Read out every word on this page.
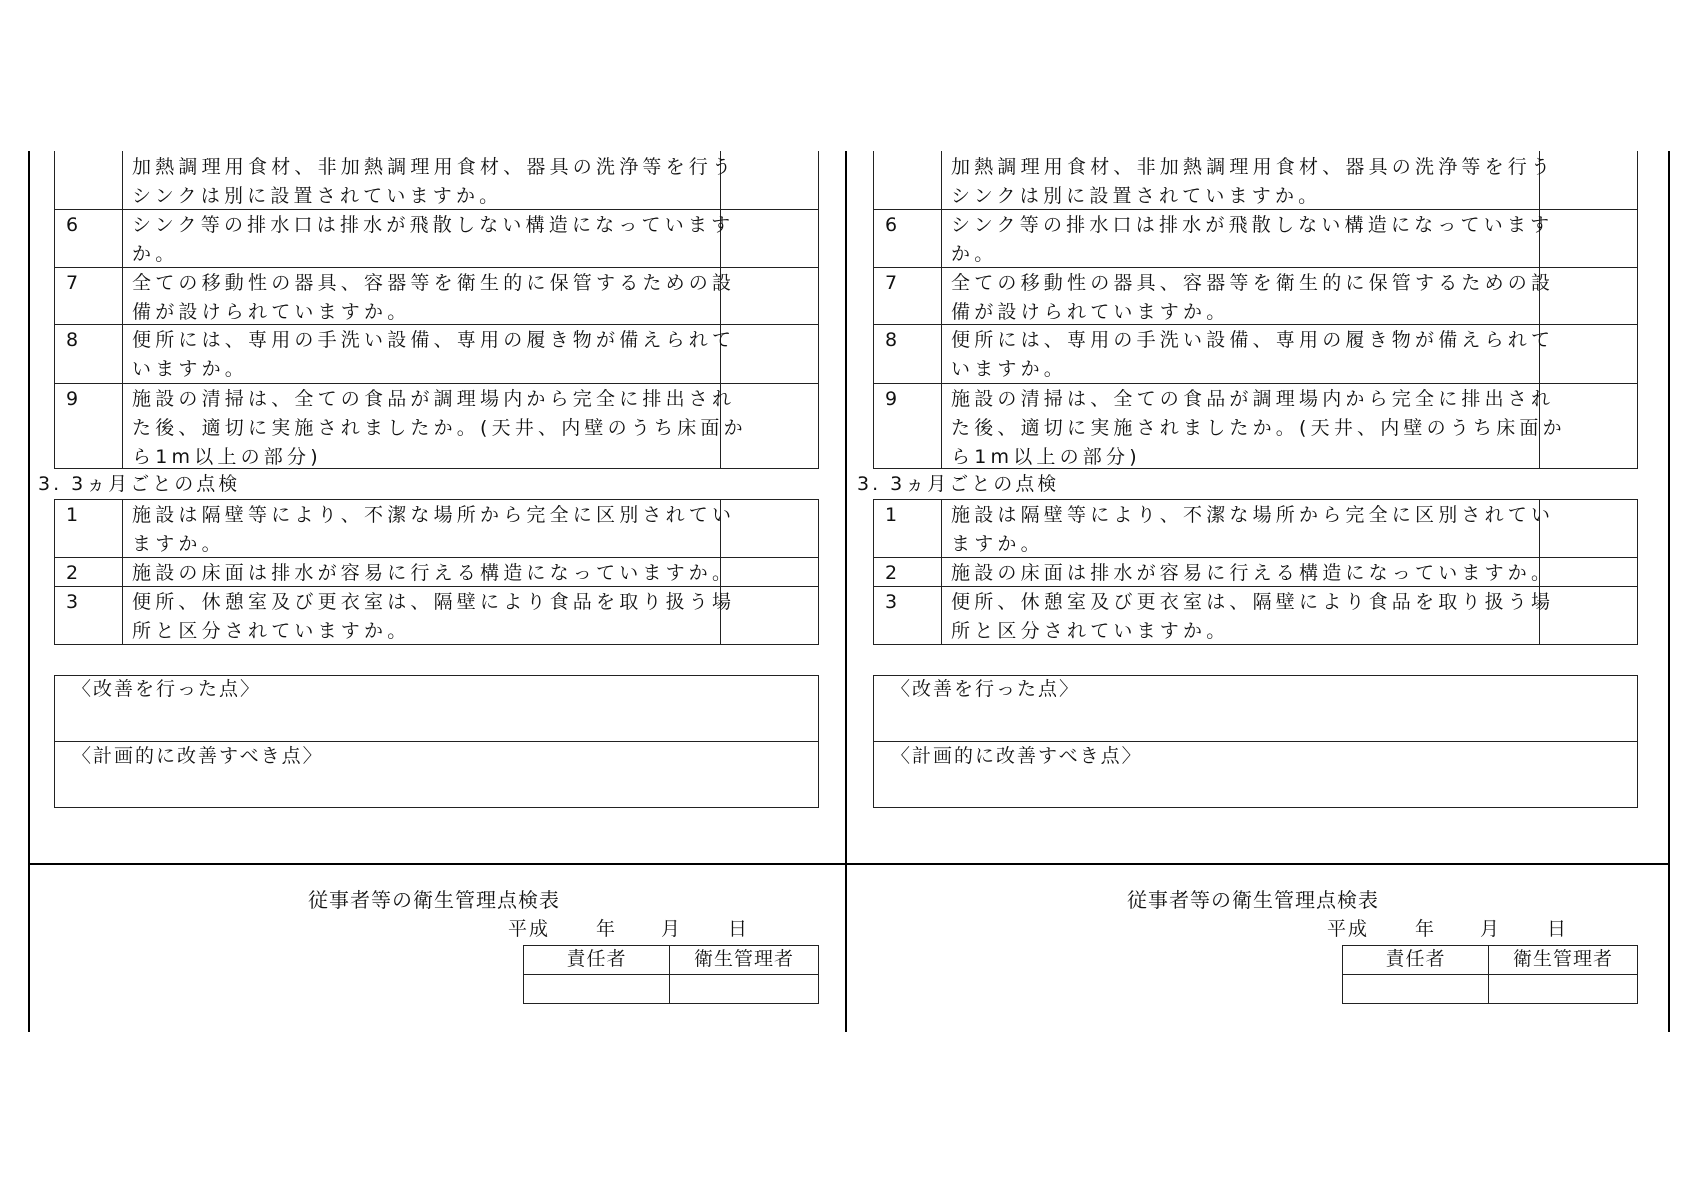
加熱調理用食材、非加熱調理用食材、器具の洗浄等を行う
シンクは別に設置されていますか。
6	シンク等の排水口は排水が飛散しない構造になっています
か。
7	全ての移動性の器具、容器等を衛生的に保管するための設
備が設けられていますか。
8	便所には、専用の手洗い設備、専用の履き物が備えられて
いますか。
9	施設の清掃は、全ての食品が調理場内から完全に排出され
た後、適切に実施されましたか。(天井、内壁のうち床面か
ら1m以上の部分)
3. 3ヵ月ごとの点検
1	施設は隔壁等により、不潔な場所から完全に区別されてい
ますか。
2	施設の床面は排水が容易に行える構造になっていますか。
3	便所、休憩室及び更衣室は、隔壁により食品を取り扱う場
所と区分されていますか。
〈改善を行った点〉
〈計画的に改善すべき点〉
従事者等の衛生管理点検表
平成 年 月 日
責任者	衛生管理者
加熱調理用食材、非加熱調理用食材、器具の洗浄等を行う
シンクは別に設置されていますか。
6	シンク等の排水口は排水が飛散しない構造になっています
か。
7	全ての移動性の器具、容器等を衛生的に保管するための設
備が設けられていますか。
8	便所には、専用の手洗い設備、専用の履き物が備えられて
いますか。
9	施設の清掃は、全ての食品が調理場内から完全に排出され
た後、適切に実施されましたか。(天井、内壁のうち床面か
ら1m以上の部分)
3. 3ヵ月ごとの点検
1	施設は隔壁等により、不潔な場所から完全に区別されてい
ますか。
2	施設の床面は排水が容易に行える構造になっていますか。
3	便所、休憩室及び更衣室は、隔壁により食品を取り扱う場
所と区分されていますか。
〈改善を行った点〉
〈計画的に改善すべき点〉
従事者等の衛生管理点検表
平成 年 月 日
責任者	衛生管理者
